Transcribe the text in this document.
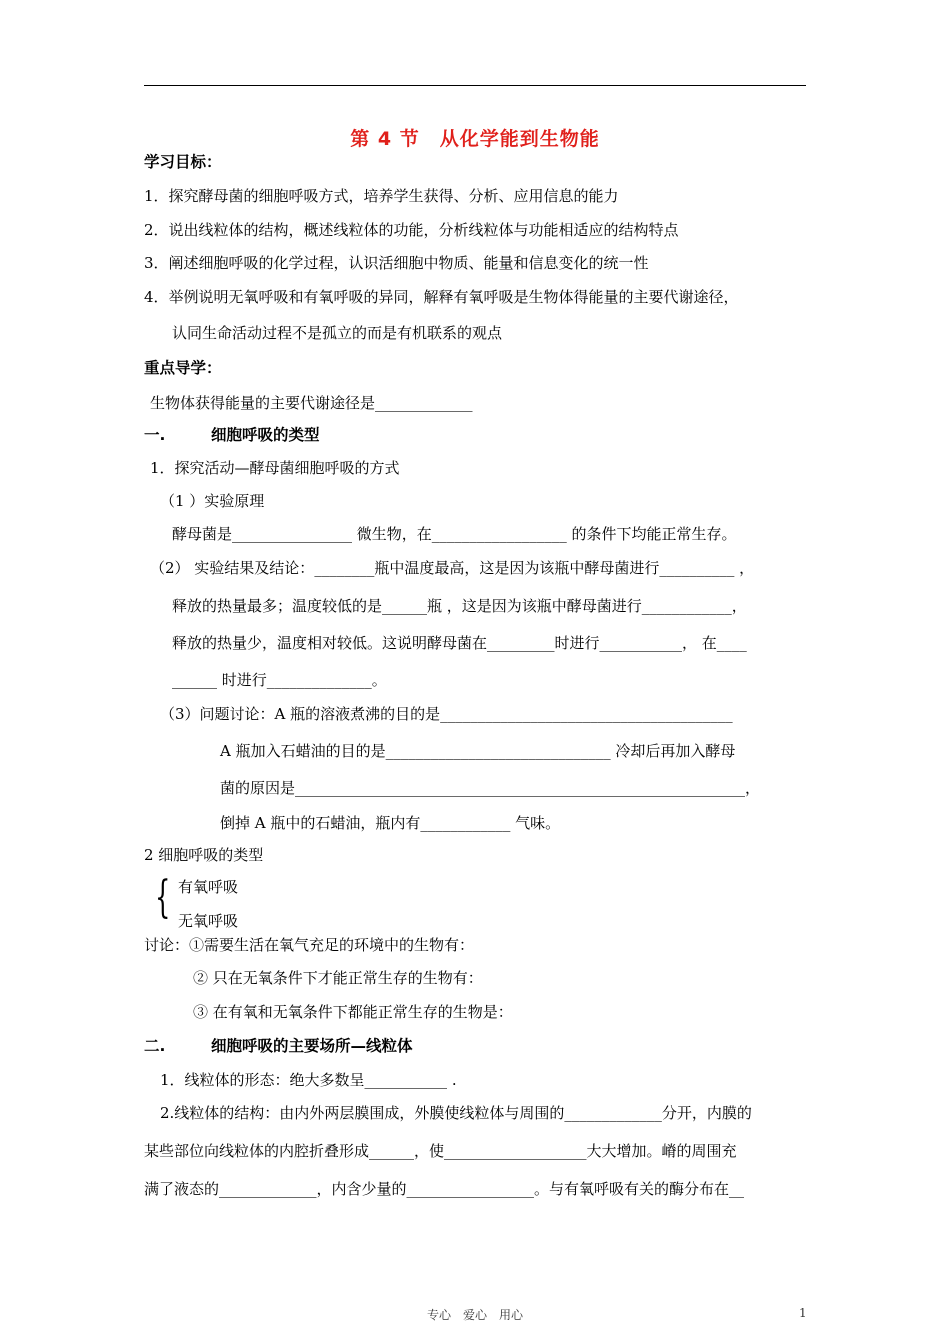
第 4 节　从化学能到生物能
学习目标：
1．探究酵母菌的细胞呼吸方式，培养学生获得、分析、应用信息的能力
2．说出线粒体的结构，概述线粒体的功能，分析线粒体与功能相适应的结构特点
3．阐述细胞呼吸的化学过程，认识活细胞中物质、能量和信息变化的统一性
4．举例说明无氧呼吸和有氧呼吸的异同，解释有氧呼吸是生物体得能量的主要代谢途径，
认同生命活动过程不是孤立的而是有机联系的观点
重点导学：
生物体获得能量的主要代谢途径是_____________
一.	细胞呼吸的类型
1．探究活动—酵母菌细胞呼吸的方式
（1 ）实验原理
酵母菌是________________ 微生物，在__________________ 的条件下均能正常生存。
（2） 实验结果及结论：________瓶中温度最高，这是因为该瓶中酵母菌进行__________ ，
释放的热量最多；温度较低的是______瓶 ，这是因为该瓶中酵母菌进行____________，
释放的热量少，温度相对较低。这说明酵母菌在_________时进行___________， 在____
______ 时进行______________。
（3）问题讨论：A 瓶的溶液煮沸的目的是_______________________________________
A 瓶加入石蜡油的目的是______________________________ 冷却后再加入酵母
菌的原因是____________________________________________________________，
倒掉 A 瓶中的石蜡油，瓶内有____________ 气味。
2 细胞呼吸的类型
{ 有氧呼吸
无氧呼吸
讨论：①需要生活在氧气充足的环境中的生物有：
② 只在无氧条件下才能正常生存的生物有：
③ 在有氧和无氧条件下都能正常生存的生物是：
二.	细胞呼吸的主要场所—线粒体
1．线粒体的形态：绝大多数呈___________ .
2.线粒体的结构：由内外两层膜围成，外膜使线粒体与周围的_____________分开，内膜的
某些部位向线粒体的内腔折叠形成______，使___________________大大增加。嵴的周围充
满了液态的_____________，内含少量的_________________。与有氧呼吸有关的酶分布在__
专心　爱心　用心	1
